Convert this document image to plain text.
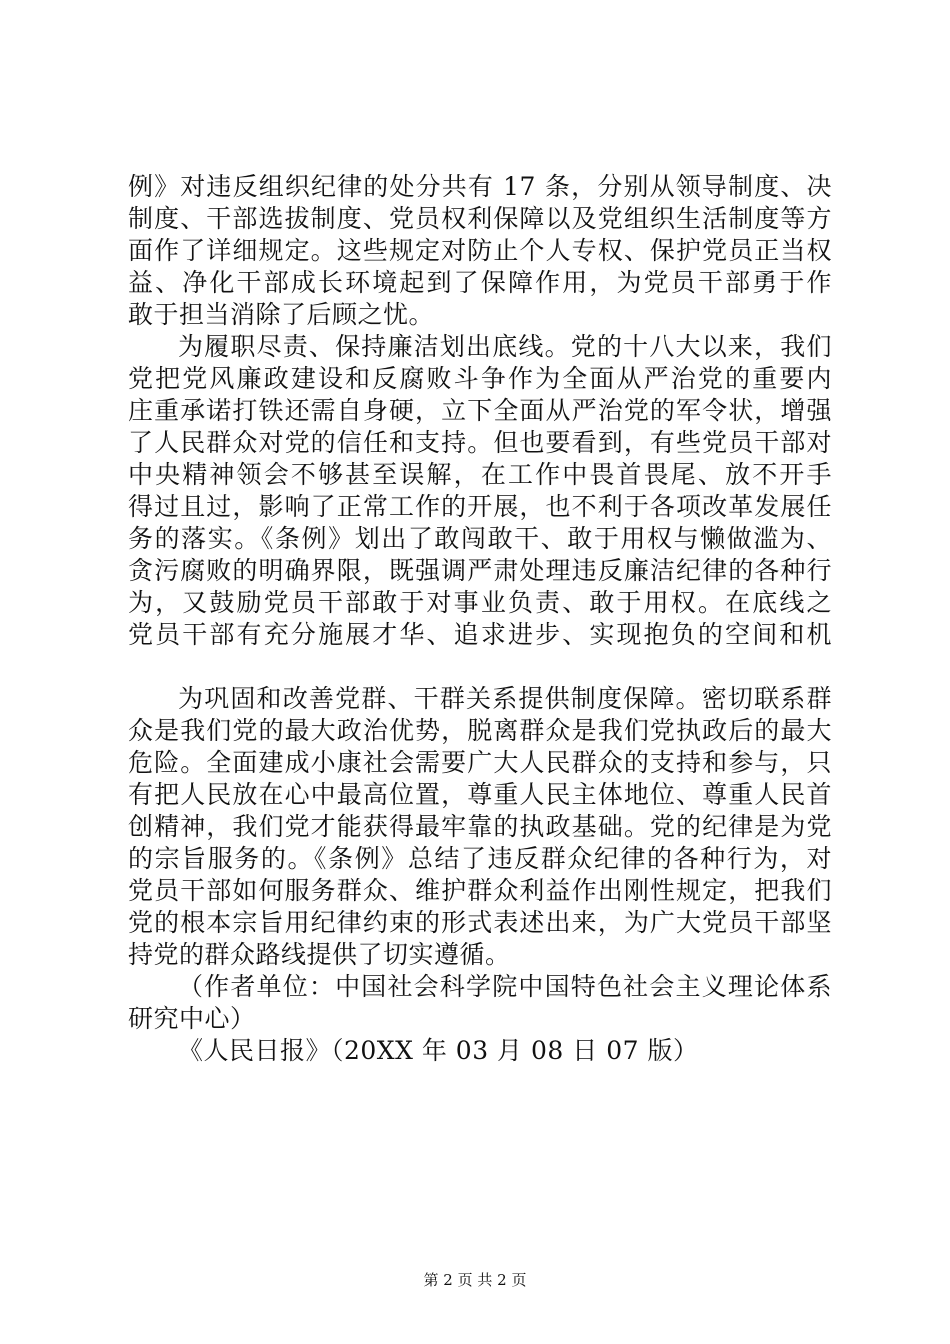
例》对违反组织纪律的处分共有 17 条，分别从领导制度、决
制度、干部选拔制度、党员权利保障以及党组织生活制度等方
面作了详细规定。这些规定对防止个人专权、保护党员正当权
益、净化干部成长环境起到了保障作用，为党员干部勇于作
敢于担当消除了后顾之忧。
为履职尽责、保持廉洁划出底线。党的十八大以来，我们
党把党风廉政建设和反腐败斗争作为全面从严治党的重要内
庄重承诺打铁还需自身硬，立下全面从严治党的军令状，增强
了人民群众对党的信任和支持。但也要看到，有些党员干部对
中央精神领会不够甚至误解，在工作中畏首畏尾、放不开手
得过且过，影响了正常工作的开展，也不利于各项改革发展任
务的落实。《条例》划出了敢闯敢干、敢于用权与懒做滥为、
贪污腐败的明确界限，既强调严肃处理违反廉洁纪律的各种行
为，又鼓励党员干部敢于对事业负责、敢于用权。在底线之
党员干部有充分施展才华、追求进步、实现抱负的空间和机
为巩固和改善党群、干群关系提供制度保障。密切联系群
众是我们党的最大政治优势，脱离群众是我们党执政后的最大
危险。全面建成小康社会需要广大人民群众的支持和参与，只
有把人民放在心中最高位置，尊重人民主体地位、尊重人民首
创精神，我们党才能获得最牢靠的执政基础。党的纪律是为党
的宗旨服务的。《条例》总结了违反群众纪律的各种行为，对
党员干部如何服务群众、维护群众利益作出刚性规定，把我们
党的根本宗旨用纪律约束的形式表述出来，为广大党员干部坚
持党的群众路线提供了切实遵循。
（作者单位：中国社会科学院中国特色社会主义理论体系
研究中心）
《人民日报》（20XX 年 03 月 08 日 07 版）
第 2 页 共 2 页
